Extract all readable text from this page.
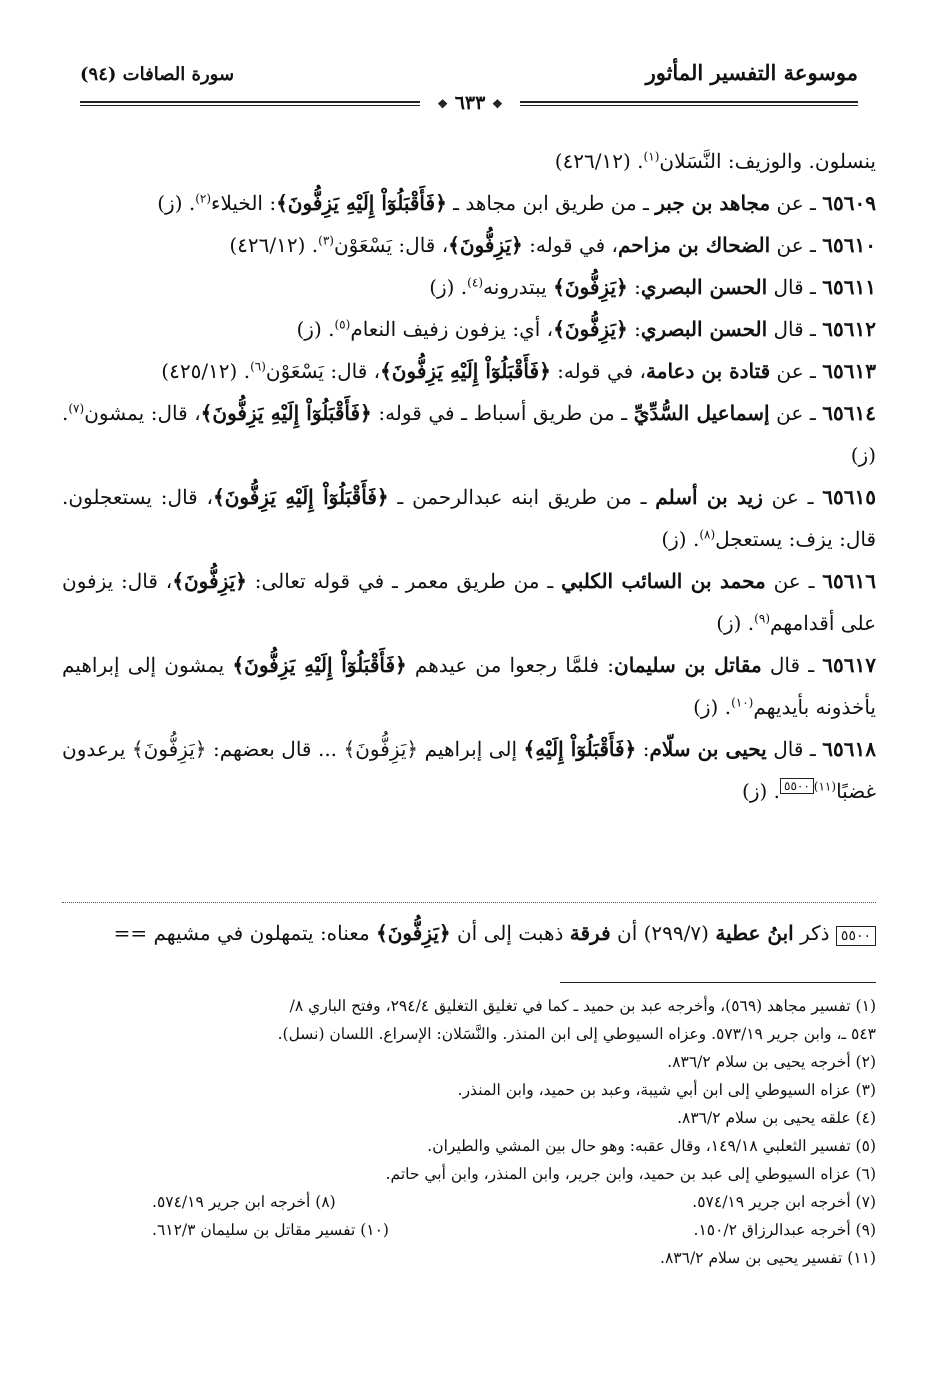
موسوعة التفسير المأثور
سورة الصافات (٩٤)
❖ ٦٣٣ ❖
ينسلون. والوزيف: النَّسَلان$^{(١)}$. (٤٢٦/١٢)
٦٥٦٠٩ ـ عن مجاهد بن جبر ـ من طريق ابن مجاهد ـ ﴿فَأَقْبَلُوٓاْ إِلَيْهِ يَزِفُّونَ﴾: الخيلاء$^{(٢)}$. (ز)
٦٥٦١٠ ـ عن الضحاك بن مزاحم، في قوله: ﴿يَزِفُّونَ﴾، قال: يَسْعَوْن$^{(٣)}$. (٤٢٦/١٢)
٦٥٦١١ ـ قال الحسن البصري: ﴿يَزِفُّونَ﴾ يبتدرونه$^{(٤)}$. (ز)
٦٥٦١٢ ـ قال الحسن البصري: ﴿يَزِفُّونَ﴾، أي: يزفون زفيف النعام$^{(٥)}$. (ز)
٦٥٦١٣ ـ عن قتادة بن دعامة، في قوله: ﴿فَأَقْبَلُوٓاْ إِلَيْهِ يَزِفُّونَ﴾، قال: يَسْعَوْن$^{(٦)}$. (٤٢٥/١٢)
٦٥٦١٤ ـ عن إسماعيل السُّدِّيِّ ـ من طريق أسباط ـ في قوله: ﴿فَأَقْبَلُوٓاْ إِلَيْهِ يَزِفُّونَ﴾، قال: يمشون$^{(٧)}$. (ز)
٦٥٦١٥ ـ عن زيد بن أسلم ـ من طريق ابنه عبدالرحمن ـ ﴿فَأَقْبَلُوٓاْ إِلَيْهِ يَزِفُّونَ﴾، قال: يستعجلون. قال: يزف: يستعجل$^{(٨)}$. (ز)
٦٥٦١٦ ـ عن محمد بن السائب الكلبي ـ من طريق معمر ـ في قوله تعالى: ﴿يَزِفُّونَ﴾، قال: يزفون على أقدامهم$^{(٩)}$. (ز)
٦٥٦١٧ ـ قال مقاتل بن سليمان: فلمَّا رجعوا من عيدهم ﴿فَأَقْبَلُوٓاْ إِلَيْهِ يَزِفُّونَ﴾ يمشون إلى إبراهيم يأخذونه بأيديهم$^{(١٠)}$. (ز)
٦٥٦١٨ ـ قال يحيى بن سلّام: ﴿فَأَقْبَلُوٓاْ إِلَيْهِ﴾ إلى إبراهيم ﴿يَزِفُّونَ﴾ ... قال بعضهم: ﴿يَزِفُّونَ﴾ يرعدون غضبًا$^{(١١)}$٥٥٠٠. (ز)
٥٥٠٠ ذكر ابنُ عطية (٢٩٩/٧) أن فرقة ذهبت إلى أن ﴿يَزِفُّونَ﴾ معناه: يتمهلون في مشيهم ==
(١) تفسير مجاهد (٥٦٩)، وأخرجه عبد بن حميد ـ كما في تغليق التغليق ٢٩٤/٤، وفتح الباري ٨/
٥٤٣ ـ، وابن جرير ٥٧٣/١٩. وعزاه السيوطي إلى ابن المنذر. والنَّسَلان: الإسراع. اللسان (نسل).
(٢) أخرجه يحيى بن سلام ٨٣٦/٢.
(٣) عزاه السيوطي إلى ابن أبي شيبة، وعبد بن حميد، وابن المنذر.
(٤) علقه يحيى بن سلام ٨٣٦/٢.
(٥) تفسير الثعلبي ١٤٩/١٨، وقال عقبه: وهو حال بين المشي والطيران.
(٦) عزاه السيوطي إلى عبد بن حميد، وابن جرير، وابن المنذر، وابن أبي حاتم.
(٧) أخرجه ابن جرير ٥٧٤/١٩.
(٨) أخرجه ابن جرير ٥٧٤/١٩.
(٩) أخرجه عبدالرزاق ١٥٠/٢.
(١٠) تفسير مقاتل بن سليمان ٦١٢/٣.
(١١) تفسير يحيى بن سلام ٨٣٦/٢.
